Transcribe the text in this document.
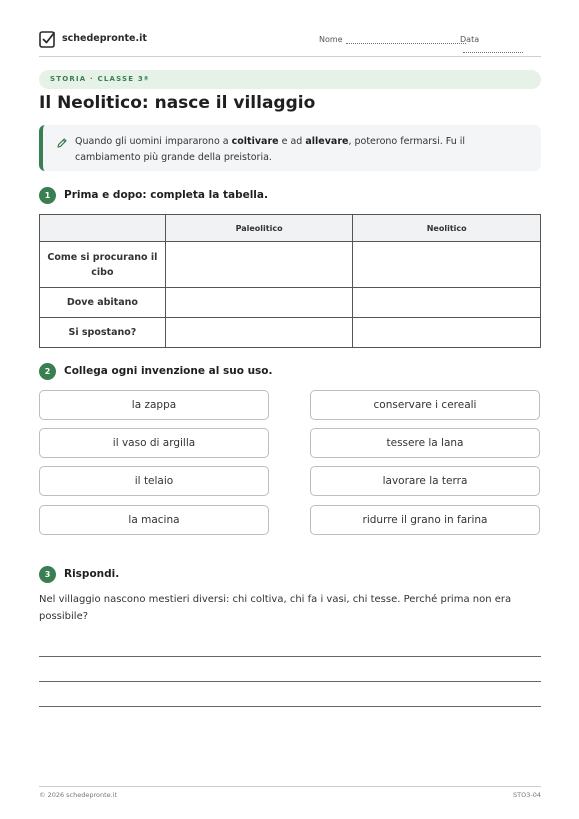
schedepronte.it	Nome	Data
STORIA · CLASSE 3ª
Il Neolitico: nasce il villaggio
Quando gli uomini impararono a coltivare e ad allevare, poterono fermarsi. Fu il cambiamento più grande della preistoria.
1	Prima e dopo: completa la tabella.
	Paleolitico	Neolitico
Come si procurano il cibo		
Dove abitano		
Si spostano?		
2	Collega ogni invenzione al suo uso.
la zappa
il vaso di argilla
il telaio
la macina
conservare i cereali
tessere la lana
lavorare la terra
ridurre il grano in farina
3	Rispondi.
Nel villaggio nascono mestieri diversi: chi coltiva, chi fa i vasi, chi tesse. Perché prima non era possibile?
© 2026 schedepronte.it	STO3-04
